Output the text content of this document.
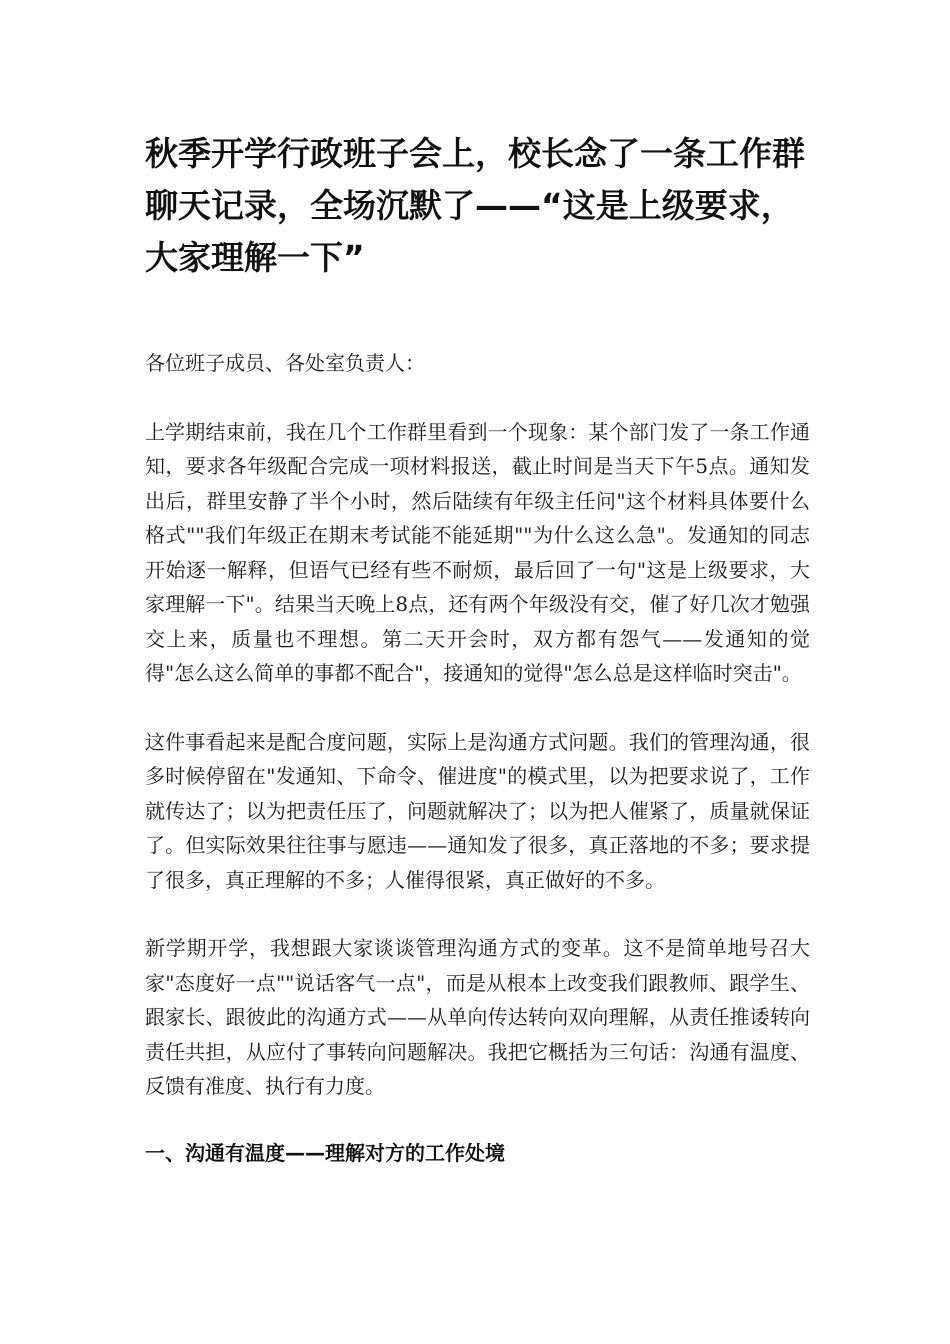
秋季开学行政班子会上，校长念了一条工作群聊天记录，全场沉默了——“这是上级要求，大家理解一下”

各位班子成员、各处室负责人：

上学期结束前，我在几个工作群里看到一个现象：某个部门发了一条工作通知，要求各年级配合完成一项材料报送，截止时间是当天下午5点。通知发出后，群里安静了半个小时，然后陆续有年级主任问"这个材料具体要什么格式""我们年级正在期末考试能不能延期""为什么这么急"。发通知的同志开始逐一解释，但语气已经有些不耐烦，最后回了一句"这是上级要求，大家理解一下"。结果当天晚上8点，还有两个年级没有交，催了好几次才勉强交上来，质量也不理想。第二天开会时，双方都有怨气——发通知的觉得"怎么这么简单的事都不配合"，接通知的觉得"怎么总是这样临时突击"。

这件事看起来是配合度问题，实际上是沟通方式问题。我们的管理沟通，很多时候停留在"发通知、下命令、催进度"的模式里，以为把要求说了，工作就传达了；以为把责任压了，问题就解决了；以为把人催紧了，质量就保证了。但实际效果往往事与愿违——通知发了很多，真正落地的不多；要求提了很多，真正理解的不多；人催得很紧，真正做好的不多。

新学期开学，我想跟大家谈谈管理沟通方式的变革。这不是简单地号召大家"态度好一点""说话客气一点"，而是从根本上改变我们跟教师、跟学生、跟家长、跟彼此的沟通方式——从单向传达转向双向理解，从责任推诿转向责任共担，从应付了事转向问题解决。我把它概括为三句话：沟通有温度、反馈有准度、执行有力度。

一、沟通有温度——理解对方的工作处境
